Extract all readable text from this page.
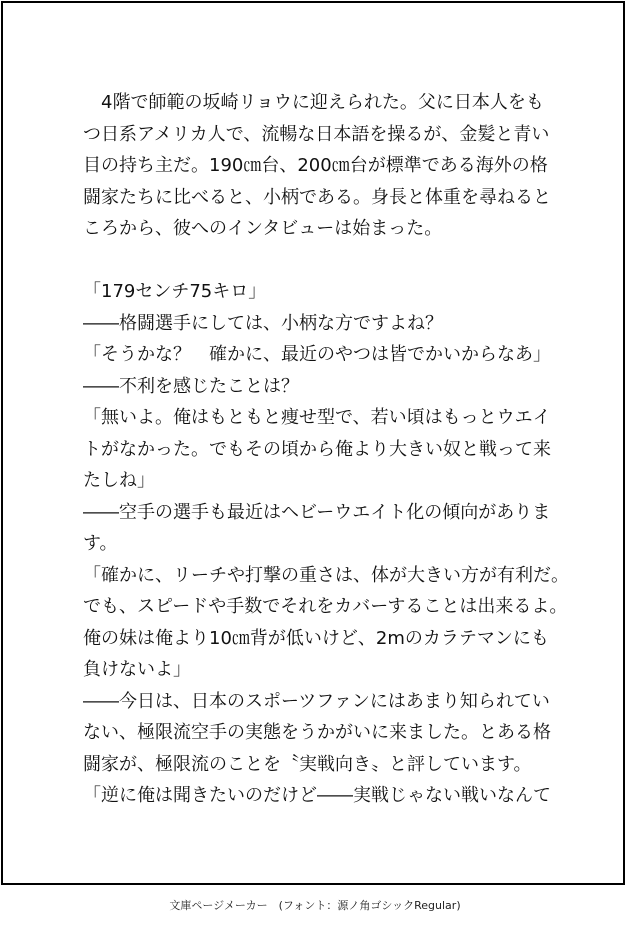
　4階で師範の坂崎リョウに迎えられた。父に日本人をも
つ日系アメリカ人で、流暢な日本語を操るが、金髪と青い
目の持ち主だ。190㎝台、200㎝台が標準である海外の格
闘家たちに比べると、小柄である。身長と体重を尋ねると
ころから、彼へのインタビューは始まった。
「179センチ75キロ」
――格闘選手にしては、小柄な方ですよね？
「そうかな？　確かに、最近のやつは皆でかいからなあ」
――不利を感じたことは？
「無いよ。俺はもともと痩せ型で、若い頃はもっとウエイ
トがなかった。でもその頃から俺より大きい奴と戦って来
たしね」
――空手の選手も最近はヘビーウエイト化の傾向がありま
す。
「確かに、リーチや打撃の重さは、体が大きい方が有利だ。
でも、スピードや手数でそれをカバーすることは出来るよ。
俺の妹は俺より10㎝背が低いけど、2mのカラテマンにも
負けないよ」
――今日は、日本のスポーツファンにはあまり知られてい
ない、極限流空手の実態をうかがいに来ました。とある格
闘家が、極限流のことを〝実戦向き〟と評しています。
「逆に俺は聞きたいのだけど――実戦じゃない戦いなんて
文庫ページメーカー　(フォント：源ノ角ゴシックRegular)
